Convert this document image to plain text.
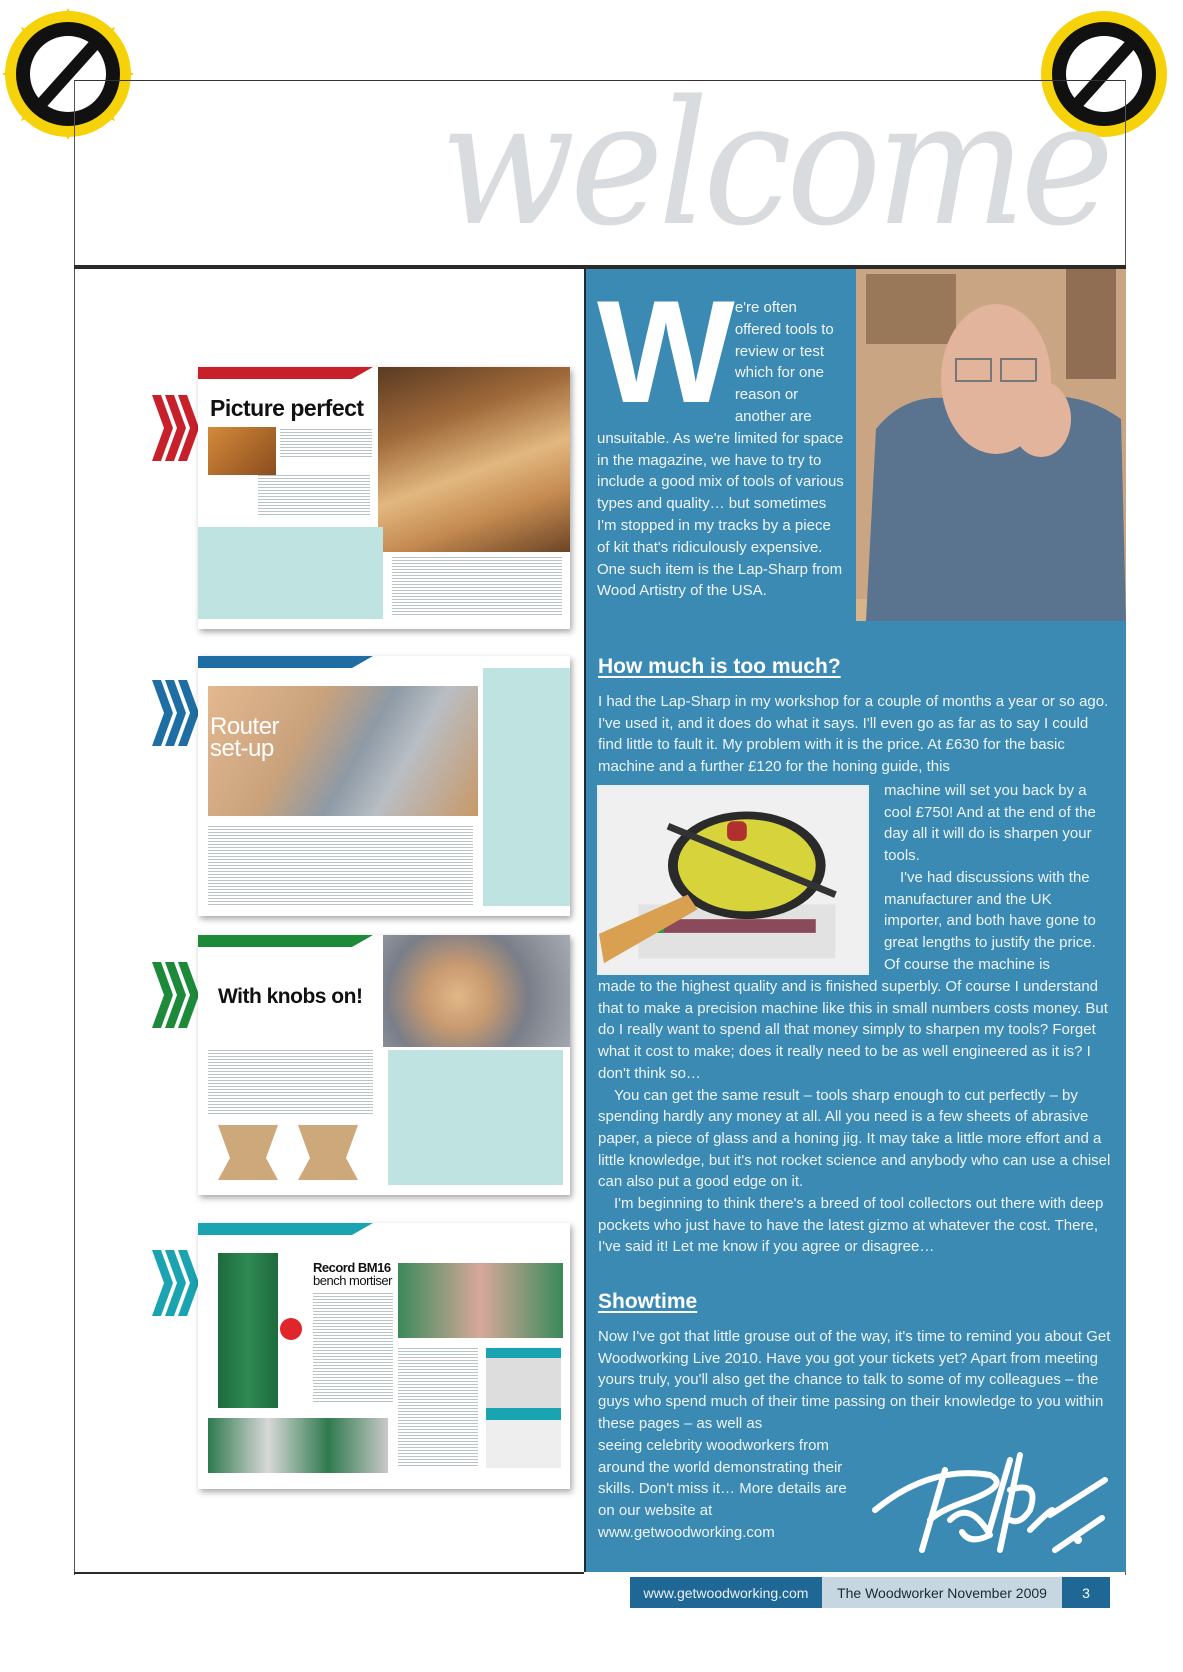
welcome
Picture perfect
Router
set-up
With knobs on!
Record BM16
bench mortiser
W e're often offered tools to review or test which for one reason or another are unsuitable. As we're limited for space in the magazine, we have to try to include a good mix of tools of various types and quality… but sometimes I'm stopped in my tracks by a piece of kit that's ridiculously expensive. One such item is the Lap-Sharp from Wood Artistry of the USA.
How much is too much?
I had the Lap-Sharp in my workshop for a couple of months a year or so ago. I've used it, and it does do what it says. I'll even go as far as to say I could find little to fault it. My problem with it is the price. At £630 for the basic machine and a further £120 for the honing guide, this

machine will set you back by a cool £750! And at the end of the day all it will do is sharpen your tools.

I've had discussions with the manufacturer and the UK importer, and both have gone to great lengths to justify the price. Of course the machine is

made to the highest quality and is finished superbly. Of course I understand that to make a precision machine like this in small numbers costs money. But do I really want to spend all that money simply to sharpen my tools? Forget what it cost to make; does it really need to be as well engineered as it is? I don't think so…

You can get the same result – tools sharp enough to cut perfectly – by spending hardly any money at all. All you need is a few sheets of abrasive paper, a piece of glass and a honing jig. It may take a little more effort and a little knowledge, but it's not rocket science and anybody who can use a chisel can also put a good edge on it.

I'm beginning to think there's a breed of tool collectors out there with deep pockets who just have to have the latest gizmo at whatever the cost. There, I've said it! Let me know if you agree or disagree…

Showtime
Now I've got that little grouse out of the way, it's time to remind you about Get Woodworking Live 2010. Have you got your tickets yet? Apart from meeting yours truly, you'll also get the chance to talk to some of my colleagues – the guys who spend much of their time passing on their knowledge to you within these pages – as well as
seeing celebrity woodworkers from around the world demonstrating their skills. Don't miss it… More details are on our website at www.getwoodworking.com
www.getwoodworking.com	The Woodworker November 2009	3
